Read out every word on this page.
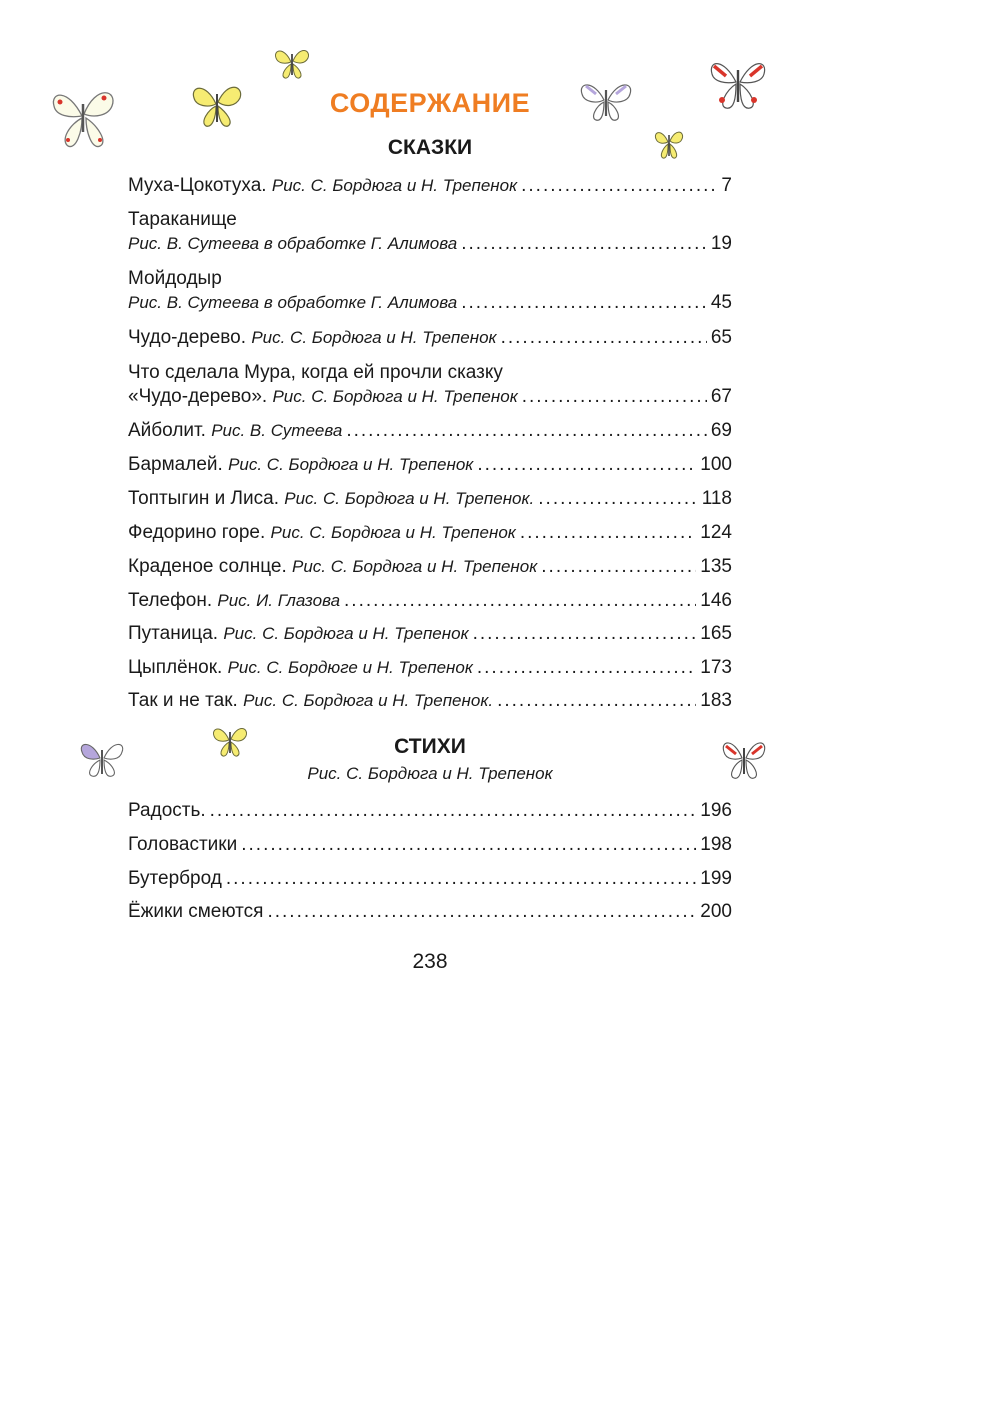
СОДЕРЖАНИЕ
СКАЗКИ
Муха-Цокотуха.
Рис. С. Бордюга и Н. Трепенок .....	7
Тараканище
Рис. В. Сутеева в обработке Г. Алимова .....	19
Мойдодыр
Рис. В. Сутеева в обработке Г. Алимова .....	45
Чудо-дерево.
Рис. С. Бордюга и Н. Трепенок .....	65
Что сделала Мура, когда ей прочли сказку
«Чудо-дерево».
Рис. С. Бордюга и Н. Трепенок .....	67
Айболит.
Рис. В. Сутеева .....	69
Бармалей.
Рис. С. Бордюга и Н. Трепенок .....	100
Топтыгин и Лиса.
Рис. С. Бордюга и Н. Трепенок. .....	118
Федорино горе.
Рис. С. Бордюга и Н. Трепенок .....	124
Краденое солнце.
Рис. С. Бордюга и Н. Трепенок .....	135
Телефон.
Рис. И. Глазова .....	146
Путаница.
Рис. С. Бордюга и Н. Трепенок .....	165
Цыплёнок.
Рис. С. Бордюге и Н. Трепенок .....	173
Так и не так.
Рис. С. Бордюга и Н. Трепенок. .....	183
СТИХИ
Рис. С. Бордюга и Н. Трепенок
Радость. .....	196
Головастики .....	198
Бутерброд .....	199
Ёжики смеются .....	200
238
